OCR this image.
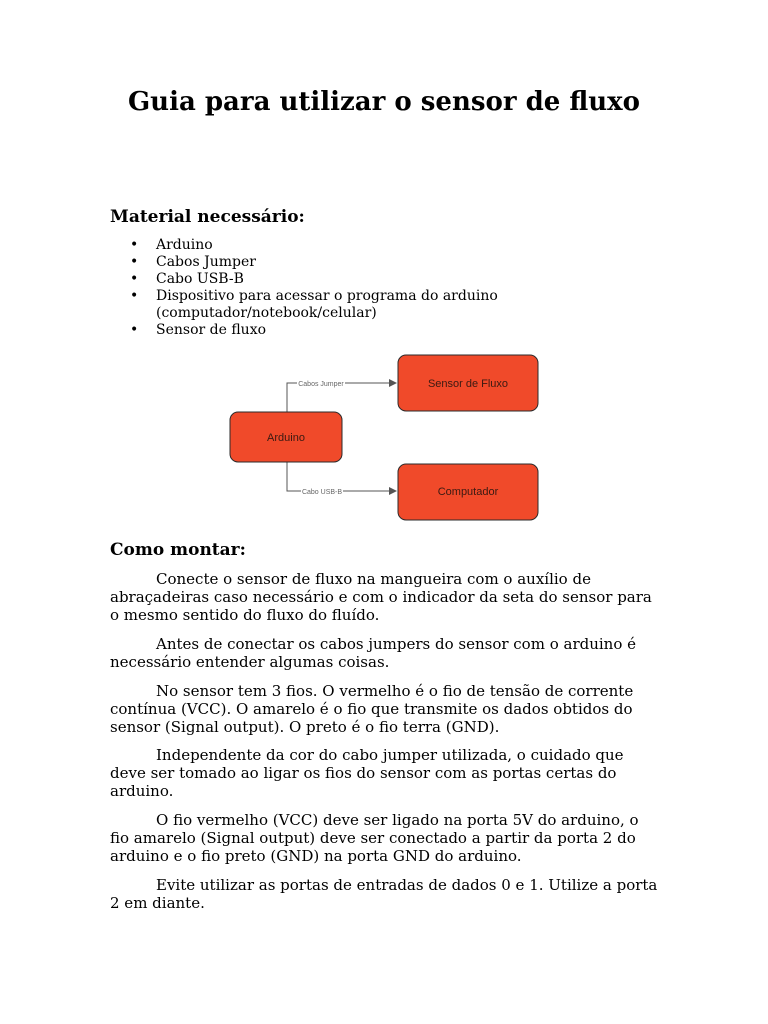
Guia para utilizar o sensor de fluxo
Material necessário:
• Arduino
• Cabos Jumper
• Cabo USB-B
• Dispositivo para acessar o programa do arduino (computador/notebook/celular)
• Sensor de fluxo
Cabos Jumper
Cabo USB-B
Arduino
Sensor de Fluxo
Computador
Como montar:

Conecte o sensor de fluxo na mangueira com o auxílio de abraçadeiras caso necessário e com o indicador da seta do sensor para o mesmo sentido do fluxo do fluído.

Antes de conectar os cabos jumpers do sensor com o arduino é necessário entender algumas coisas.

No sensor tem 3 fios. O vermelho é o fio de tensão de corrente contínua (VCC). O amarelo é o fio que transmite os dados obtidos do sensor (Signal output). O preto é o fio terra (GND).

Independente da cor do cabo jumper utilizada, o cuidado que deve ser tomado ao ligar os fios do sensor com as portas certas do arduino.

O fio vermelho (VCC) deve ser ligado na porta 5V do arduino, o fio amarelo (Signal output) deve ser conectado a partir da porta 2 do arduino e o fio preto (GND) na porta GND do arduino.

Evite utilizar as portas de entradas de dados 0 e 1. Utilize a porta 2 em diante.
